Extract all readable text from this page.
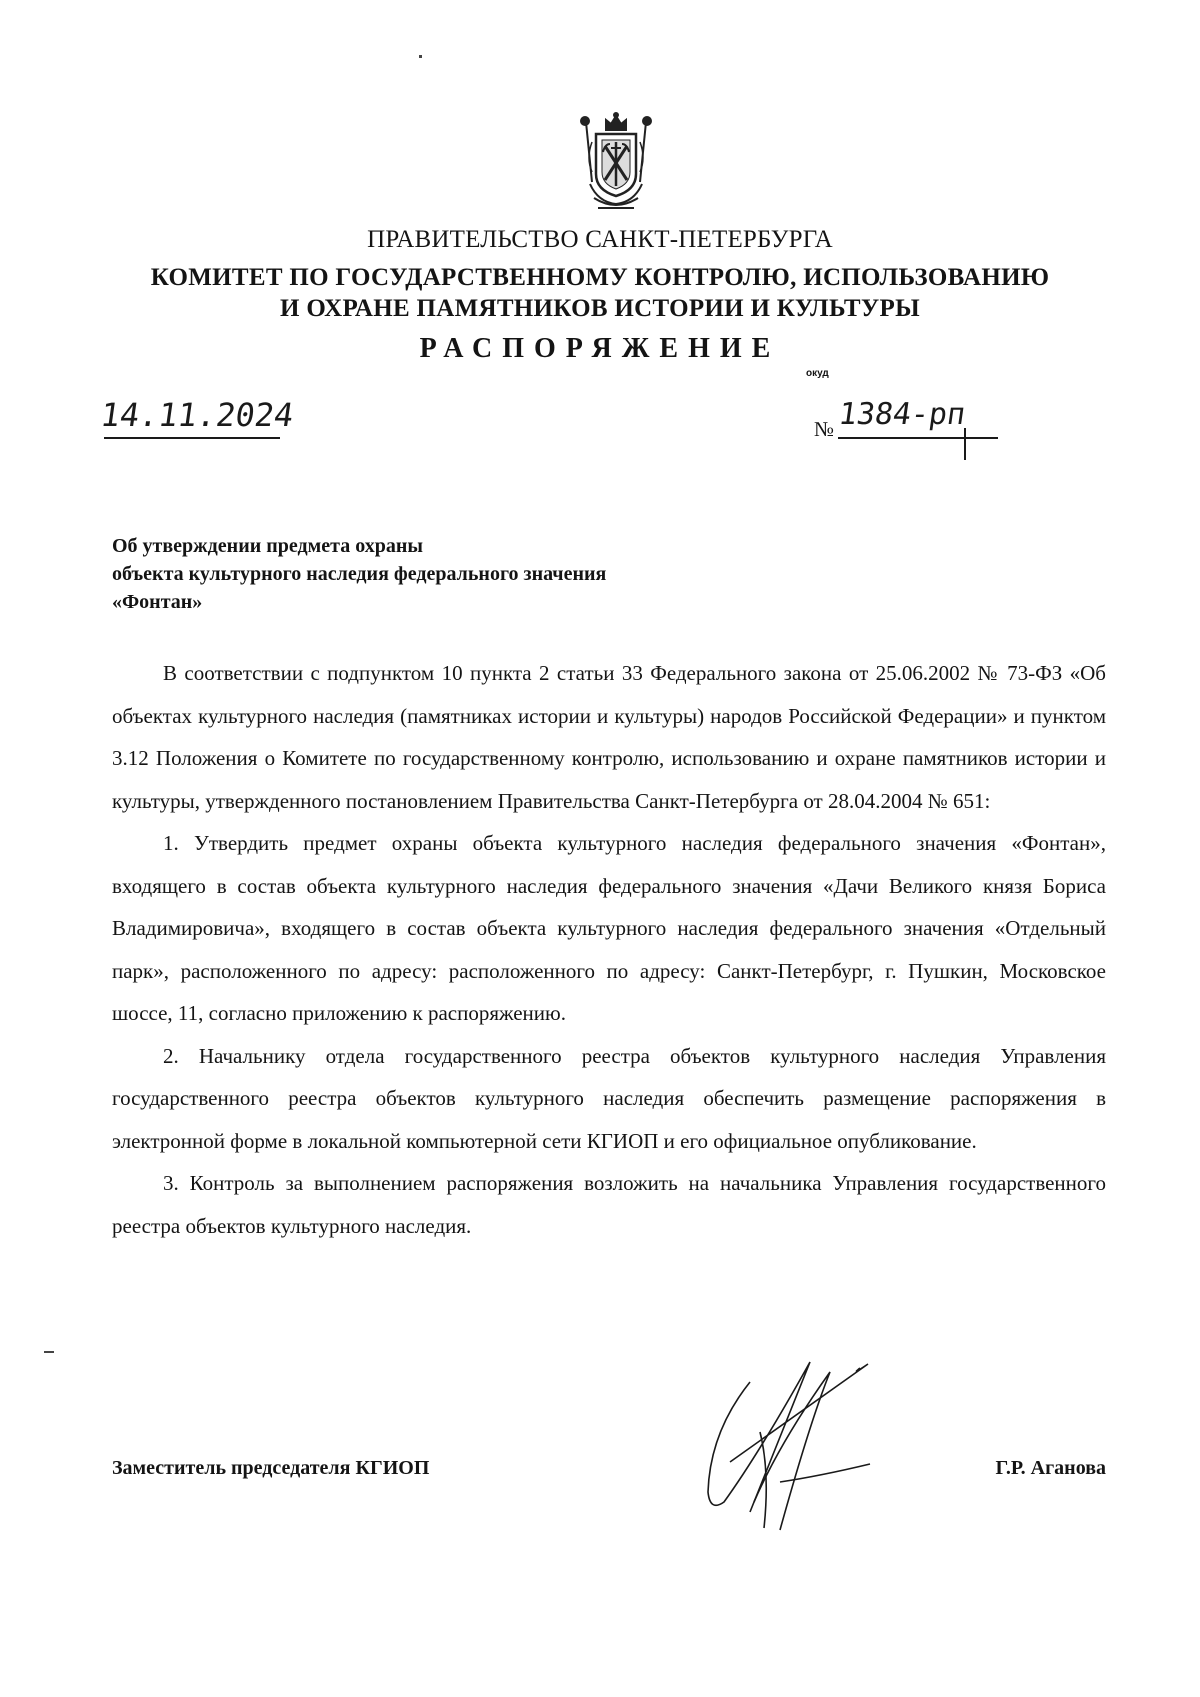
ПРАВИТЕЛЬСТВО САНКТ-ПЕТЕРБУРГА
КОМИТЕТ ПО ГОСУДАРСТВЕННОМУ КОНТРОЛЮ, ИСПОЛЬЗОВАНИЮ
И ОХРАНЕ ПАМЯТНИКОВ ИСТОРИИ И КУЛЬТУРЫ
РАСПОРЯЖЕНИЕ
окуд
14.11.2024	№ 1384-рп
Об утверждении предмета охраны
объекта культурного наследия федерального значения
«Фонтан»

В соответствии с подпунктом 10 пункта 2 статьи 33 Федерального закона от 25.06.2002 № 73-ФЗ «Об объектах культурного наследия (памятниках истории и культуры) народов Российской Федерации» и пунктом 3.12 Положения о Комитете по государственному контролю, использованию и охране памятников истории и культуры, утвержденного постановлением Правительства Санкт-Петербурга от 28.04.2004 № 651:

1. Утвердить предмет охраны объекта культурного наследия федерального значения «Фонтан», входящего в состав объекта культурного наследия федерального значения «Дачи Великого князя Бориса Владимировича», входящего в состав объекта культурного наследия федерального значения «Отдельный парк», расположенного по адресу: расположенного по адресу: Санкт-Петербург, г. Пушкин, Московское шоссе, 11, согласно приложению к распоряжению.

2. Начальнику отдела государственного реестра объектов культурного наследия Управления государственного реестра объектов культурного наследия обеспечить размещение распоряжения в электронной форме в локальной компьютерной сети КГИОП и его официальное опубликование.

3. Контроль за выполнением распоряжения возложить на начальника Управления государственного реестра объектов культурного наследия.

Заместитель председателя КГИОП	Г.Р. Аганова
